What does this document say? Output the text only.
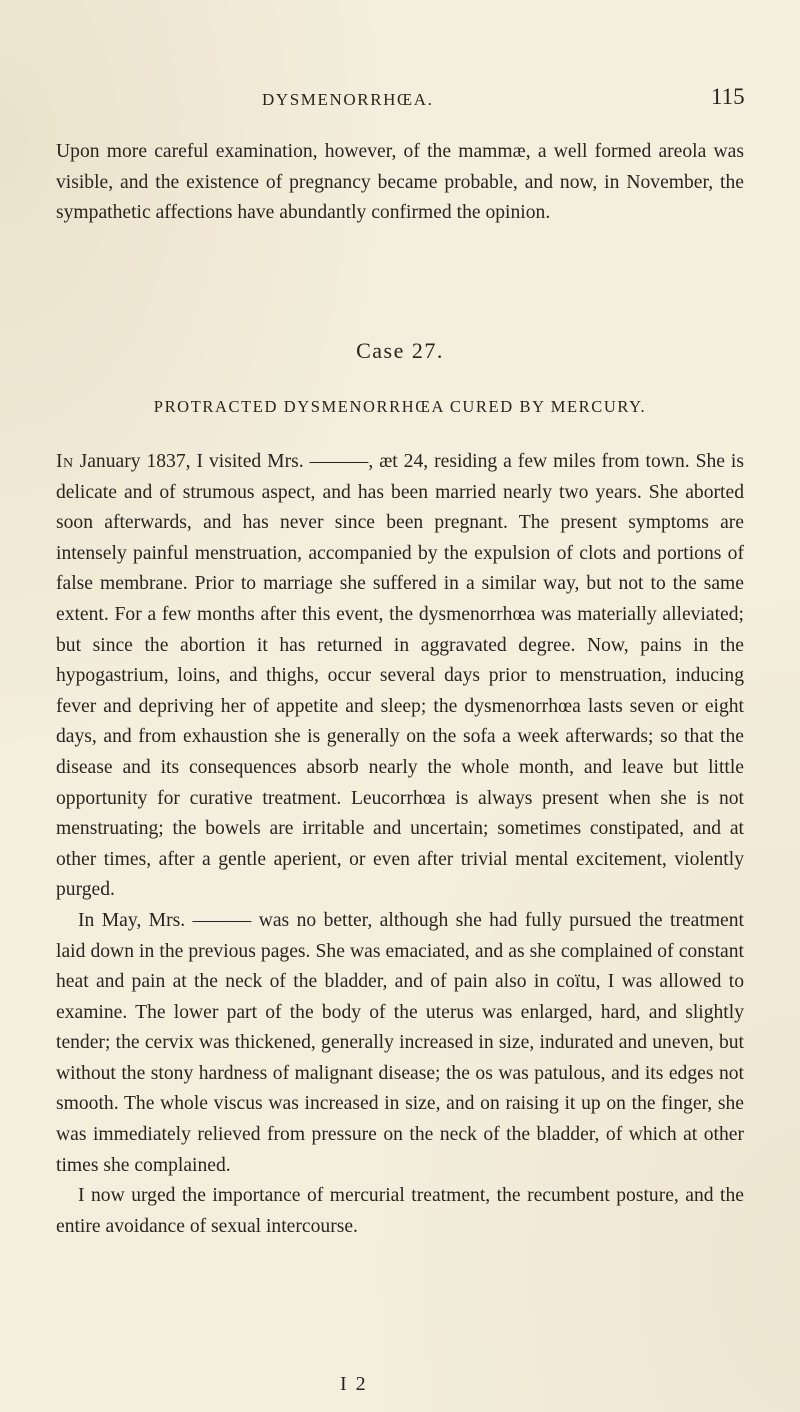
DYSMENORRHŒA.	115

Upon more careful examination, however, of the mammæ, a well formed areola was visible, and the existence of pregnancy became probable, and now, in November, the sympathetic affections have abundantly confirmed the opinion.

Case 27.
PROTRACTED DYSMENORRHŒA CURED BY MERCURY.

In January 1837, I visited Mrs. ———, æt 24, residing a few miles from town. She is delicate and of strumous aspect, and has been married nearly two years. She aborted soon afterwards, and has never since been pregnant. The present symptoms are intensely painful menstruation, accompanied by the expulsion of clots and portions of false membrane. Prior to marriage she suffered in a similar way, but not to the same extent. For a few months after this event, the dysmenorrhœa was materially alleviated; but since the abortion it has returned in aggravated degree. Now, pains in the hypogastrium, loins, and thighs, occur several days prior to menstruation, inducing fever and depriving her of appetite and sleep; the dysmenorrhœa lasts seven or eight days, and from exhaustion she is generally on the sofa a week afterwards; so that the disease and its consequences absorb nearly the whole month, and leave but little opportunity for curative treatment. Leucorrhœa is always present when she is not menstruating; the bowels are irritable and uncertain; sometimes constipated, and at other times, after a gentle aperient, or even after trivial mental excitement, violently purged.

In May, Mrs. ——— was no better, although she had fully pursued the treatment laid down in the previous pages. She was emaciated, and as she complained of constant heat and pain at the neck of the bladder, and of pain also in coïtu, I was allowed to examine. The lower part of the body of the uterus was enlarged, hard, and slightly tender; the cervix was thickened, generally increased in size, indurated and uneven, but without the stony hardness of malignant disease; the os was patulous, and its edges not smooth. The whole viscus was increased in size, and on raising it up on the finger, she was immediately relieved from pressure on the neck of the bladder, of which at other times she complained.

I now urged the importance of mercurial treatment, the recumbent posture, and the entire avoidance of sexual intercourse.

I 2
